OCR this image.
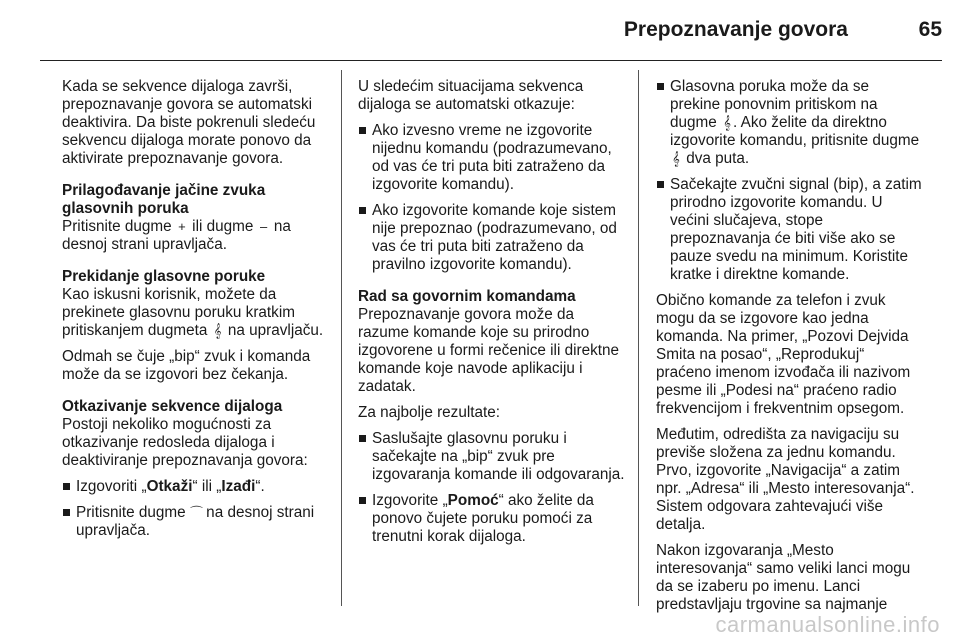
Prepoznavanje govora	65

Kada se sekvence dijaloga završi, prepoznavanje govora se automatski deaktivira. Da biste pokrenuli sledeću sekvencu dijaloga morate ponovo da aktivirate prepoznavanje govora.

Prilagođavanje jačine zvuka glasovnih poruka

Pritisnite dugme + ili dugme – na desnoj strani upravljača.

Prekidanje glasovne poruke

Kao iskusni korisnik, možete da prekinete glasovnu poruku kratkim pritiskanjem dugmeta 𝄞 na upravljaču.

Odmah se čuje „bip“ zvuk i komanda može da se izgovori bez čekanja.

Otkazivanje sekvence dijaloga

Postoji nekoliko mogućnosti za otkazivanje redosleda dijaloga i deaktiviranje prepoznavanja govora:

Izgovoriti „Otkaži“ ili „Izađi“.
Pritisnite dugme ⌒ na desnoj strani upravljača.

U sledećim situacijama sekvenca dijaloga se automatski otkazuje:

Ako izvesno vreme ne izgovorite nijednu komandu (podrazumevano, od vas će tri puta biti zatraženo da izgovorite komandu).
Ako izgovorite komande koje sistem nije prepoznao (podrazumevano, od vas će tri puta biti zatraženo da pravilno izgovorite komandu).
Rad sa govornim komandama

Prepoznavanje govora može da razume komande koje su prirodno izgovorene u formi rečenice ili direktne komande koje navode aplikaciju i zadatak.

Za najbolje rezultate:

Saslušajte glasovnu poruku i sačekajte na „bip“ zvuk pre izgovaranja komande ili odgovaranja.
Izgovorite „Pomoć“ ako želite da ponovo čujete poruku pomoći za trenutni korak dijaloga.
Glasovna poruka može da se prekine ponovnim pritiskom na dugme 𝄞 . Ako želite da direktno izgovorite komandu, pritisnite dugme 𝄞 dva puta.
Sačekajte zvučni signal (bip), a zatim prirodno izgovorite komandu. U većini slučajeva, stope prepoznavanja će biti više ako se pauze svedu na minimum. Koristite kratke i direktne komande.

Obično komande za telefon i zvuk mogu da se izgovore kao jedna komanda. Na primer, „Pozovi Dejvida Smita na posao“, „Reprodukuj“ praćeno imenom izvođača ili nazivom pesme ili „Podesi na“ praćeno radio frekvencijom i frekventnim opsegom.

Međutim, odredišta za navigaciju su previše složena za jednu komandu. Prvo, izgovorite „Navigacija“ a zatim npr. „Adresa“ ili „Mesto interesovanja“. Sistem odgovara zahtevajući više detalja.

Nakon izgovaranja „Mesto interesovanja“ samo veliki lanci mogu da se izaberu po imenu. Lanci predstavljaju trgovine sa najmanje

carmanualsonline.info
